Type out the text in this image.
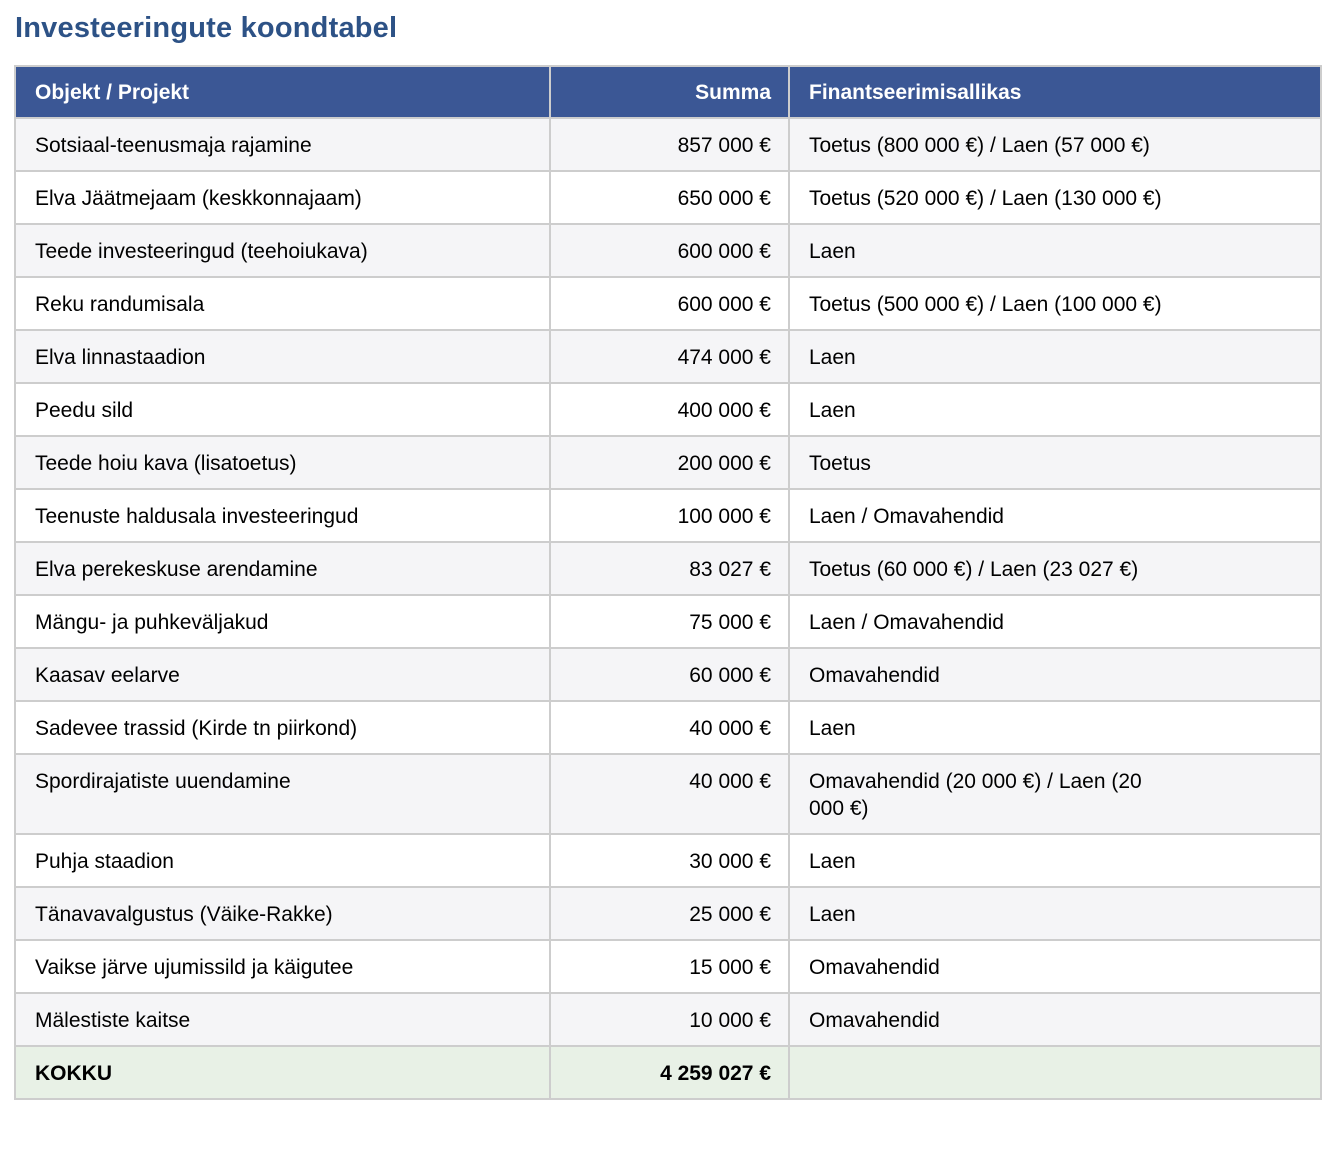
Investeeringute koondtabel
Objekt / Projekt	Summa	Finantseerimisallikas
Sotsiaal-teenusmaja rajamine	857 000 €	Toetus (800 000 €) / Laen (57 000 €)
Elva Jäätmejaam (keskkonnajaam)	650 000 €	Toetus (520 000 €) / Laen (130 000 €)
Teede investeeringud (teehoiukava)	600 000 €	Laen
Reku randumisala	600 000 €	Toetus (500 000 €) / Laen (100 000 €)
Elva linnastaadion	474 000 €	Laen
Peedu sild	400 000 €	Laen
Teede hoiu kava (lisatoetus)	200 000 €	Toetus
Teenuste haldusala investeeringud	100 000 €	Laen / Omavahendid
Elva perekeskuse arendamine	83 027 €	Toetus (60 000 €) / Laen (23 027 €)
Mängu- ja puhkeväljakud	75 000 €	Laen / Omavahendid
Kaasav eelarve	60 000 €	Omavahendid
Sadevee trassid (Kirde tn piirkond)	40 000 €	Laen
Spordirajatiste uuendamine	40 000 €	Omavahendid (20 000 €) / Laen (20 000 €)
Puhja staadion	30 000 €	Laen
Tänavavalgustus (Väike-Rakke)	25 000 €	Laen
Vaikse järve ujumissild ja käigutee	15 000 €	Omavahendid
Mälestiste kaitse	10 000 €	Omavahendid
KOKKU	4 259 027 €	
